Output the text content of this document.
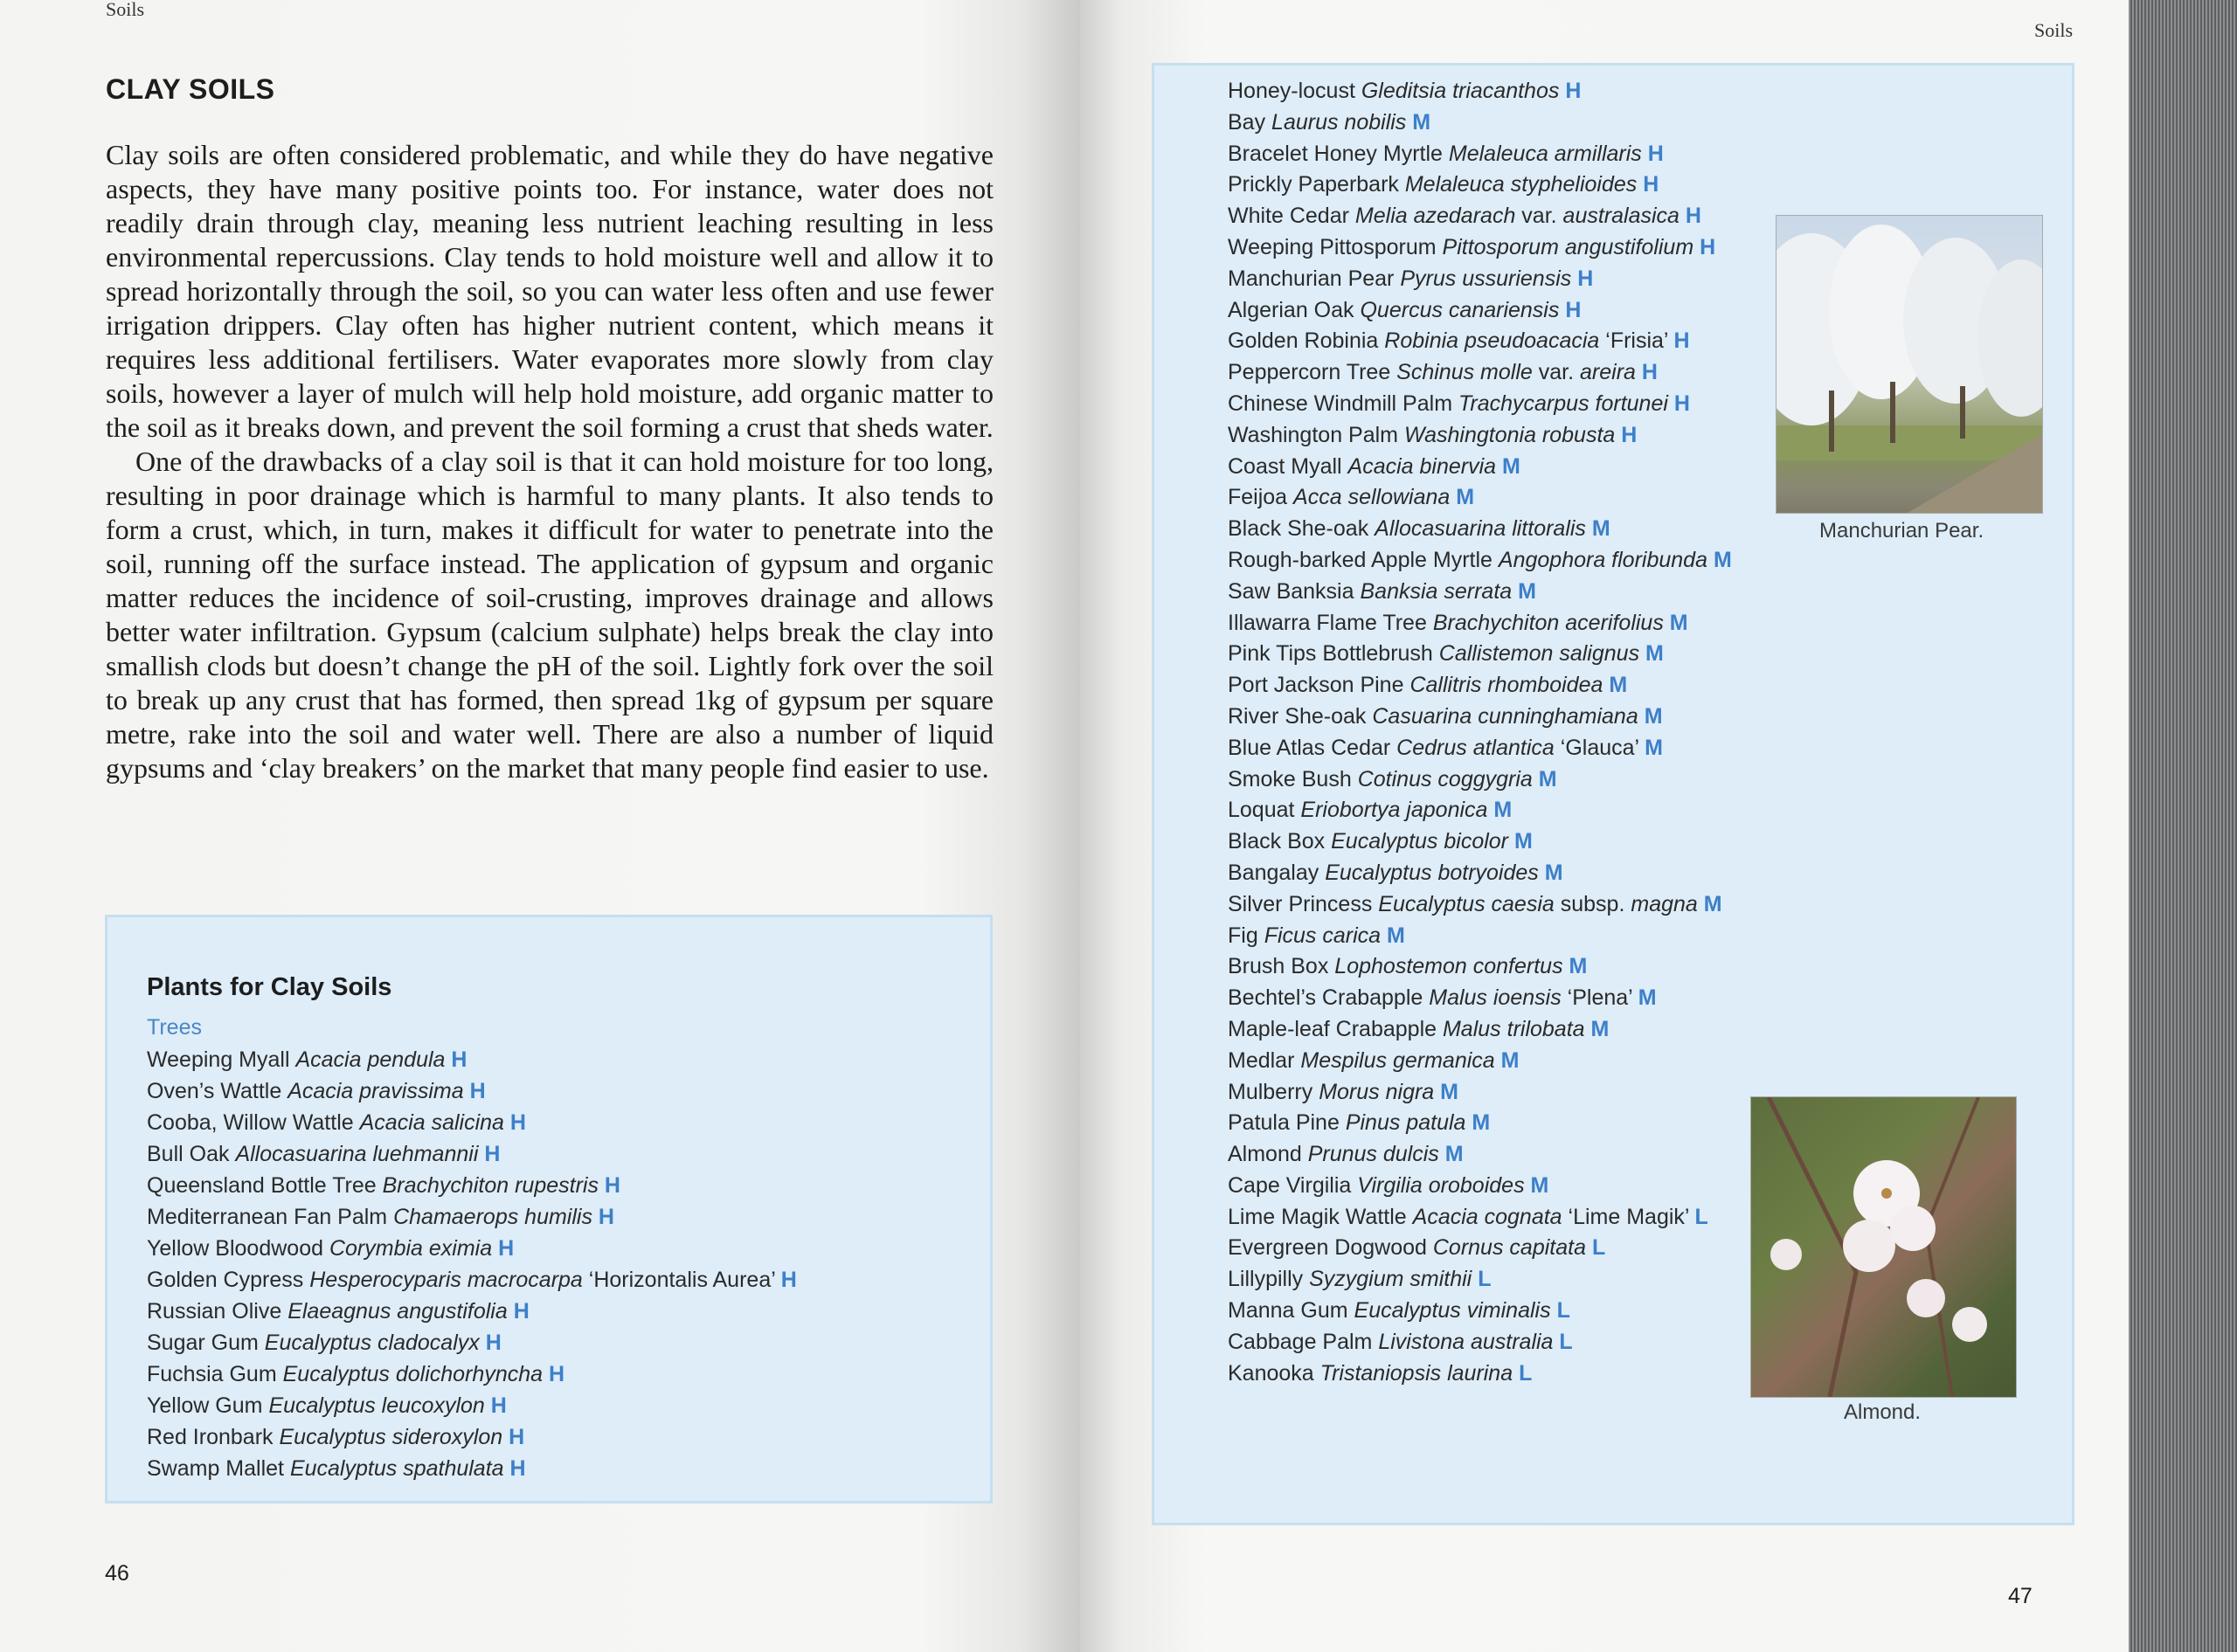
Soils
CLAY SOILS

Clay soils are often considered problematic, and while they do have negative aspects, they have many positive points too. For instance, water does not readily drain through clay, meaning less nutrient leaching resulting in less environmental repercussions. Clay tends to hold moisture well and allow it to spread horizontally through the soil, so you can water less often and use fewer irrigation drippers. Clay often has higher nutrient content, which means it requires less additional fertilisers. Water evaporates more slowly from clay soils, however a layer of mulch will help hold moisture, add organic matter to the soil as it breaks down, and prevent the soil forming a crust that sheds water.

One of the drawbacks of a clay soil is that it can hold moisture for too long, resulting in poor drainage which is harmful to many plants. It also tends to form a crust, which, in turn, makes it difficult for water to penetrate into the soil, running off the surface instead. The application of gypsum and organic matter reduces the incidence of soil-crusting, improves drainage and allows better water infiltration. Gypsum (calcium sulphate) helps break the clay into smallish clods but doesn’t change the pH of the soil. Lightly fork over the soil to break up any crust that has formed, then spread 1kg of gypsum per square metre, rake into the soil and water well. There are also a number of liquid gypsums and ‘clay breakers’ on the market that many people find easier to use.

Plants for Clay Soils
Trees
Weeping Myall Acacia pendula H
Oven’s Wattle Acacia pravissima H
Cooba, Willow Wattle Acacia salicina H
Bull Oak Allocasuarina luehmannii H
Queensland Bottle Tree Brachychiton rupestris H
Mediterranean Fan Palm Chamaerops humilis H
Yellow Bloodwood Corymbia eximia H
Golden Cypress Hesperocyparis macrocarpa ‘Horizontalis Aurea’ H
Russian Olive Elaeagnus angustifolia H
Sugar Gum Eucalyptus cladocalyx H
Fuchsia Gum Eucalyptus dolichorhyncha H
Yellow Gum Eucalyptus leucoxylon H
Red Ironbark Eucalyptus sideroxylon H
Swamp Mallet Eucalyptus spathulata H
46
Soils
47
Honey-locust Gleditsia triacanthos H
Bay Laurus nobilis M
Bracelet Honey Myrtle Melaleuca armillaris H
Prickly Paperbark Melaleuca styphelioides H
White Cedar Melia azedarach var. australasica H
Weeping Pittosporum Pittosporum angustifolium H
Manchurian Pear Pyrus ussuriensis H
Algerian Oak Quercus canariensis H
Golden Robinia Robinia pseudoacacia ‘Frisia’ H
Peppercorn Tree Schinus molle var. areira H
Chinese Windmill Palm Trachycarpus fortunei H
Washington Palm Washingtonia robusta H
Coast Myall Acacia binervia M
Feijoa Acca sellowiana M
Black She-oak Allocasuarina littoralis M
Rough-barked Apple Myrtle Angophora floribunda M
Saw Banksia Banksia serrata M
Illawarra Flame Tree Brachychiton acerifolius M
Pink Tips Bottlebrush Callistemon salignus M
Port Jackson Pine Callitris rhomboidea M
River She-oak Casuarina cunninghamiana M
Blue Atlas Cedar Cedrus atlantica ‘Glauca’ M
Smoke Bush Cotinus coggygria M
Loquat Eriobortya japonica M
Black Box Eucalyptus bicolor M
Bangalay Eucalyptus botryoides M
Silver Princess Eucalyptus caesia subsp. magna M
Fig Ficus carica M
Brush Box Lophostemon confertus M
Bechtel’s Crabapple Malus ioensis ‘Plena’ M
Maple-leaf Crabapple Malus trilobata M
Medlar Mespilus germanica M
Mulberry Morus nigra M
Patula Pine Pinus patula M
Almond Prunus dulcis M
Cape Virgilia Virgilia oroboides M
Lime Magik Wattle Acacia cognata ‘Lime Magik’ L
Evergreen Dogwood Cornus capitata L
Lillypilly Syzygium smithii L
Manna Gum Eucalyptus viminalis L
Cabbage Palm Livistona australia L
Kanooka Tristaniopsis laurina L
Manchurian Pear.
Almond.
